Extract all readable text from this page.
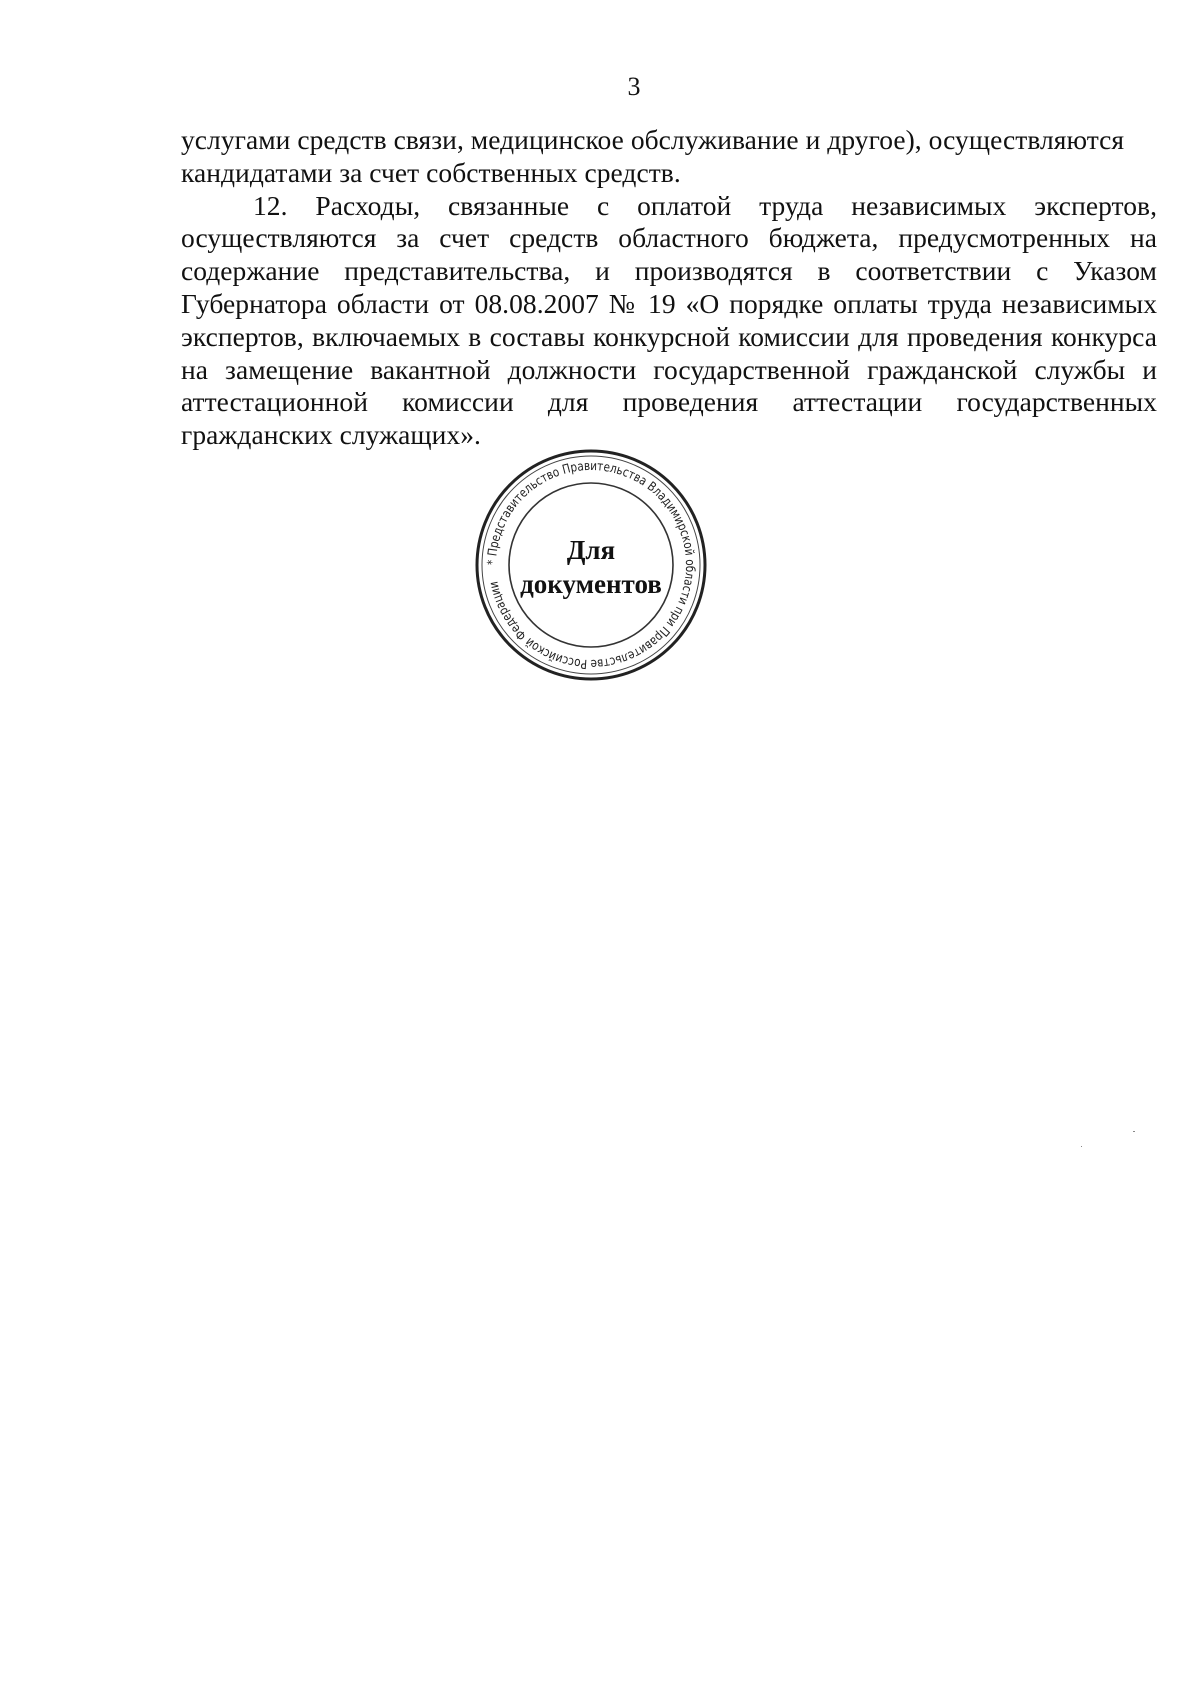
3

услугами средств связи, медицинское обслуживание и другое), осуществляются
кандидатами за счет собственных средств.

12. Расходы, связанные с оплатой труда независимых экспертов, осуществляются за счет средств областного бюджета, предусмотренных на содержание представительства, и производятся в соответствии с Указом Губернатора области от 08.08.2007 № 19 «О порядке оплаты труда независимых экспертов, включаемых в составы конкурсной комиссии для проведения конкурса на замещение вакантной должности государственной гражданской службы и аттестационной комиссии для проведения аттестации государственных гражданских служащих».

* Представительство Правительства Владимирской области при Правительстве Российской Федерации
Для
документов
